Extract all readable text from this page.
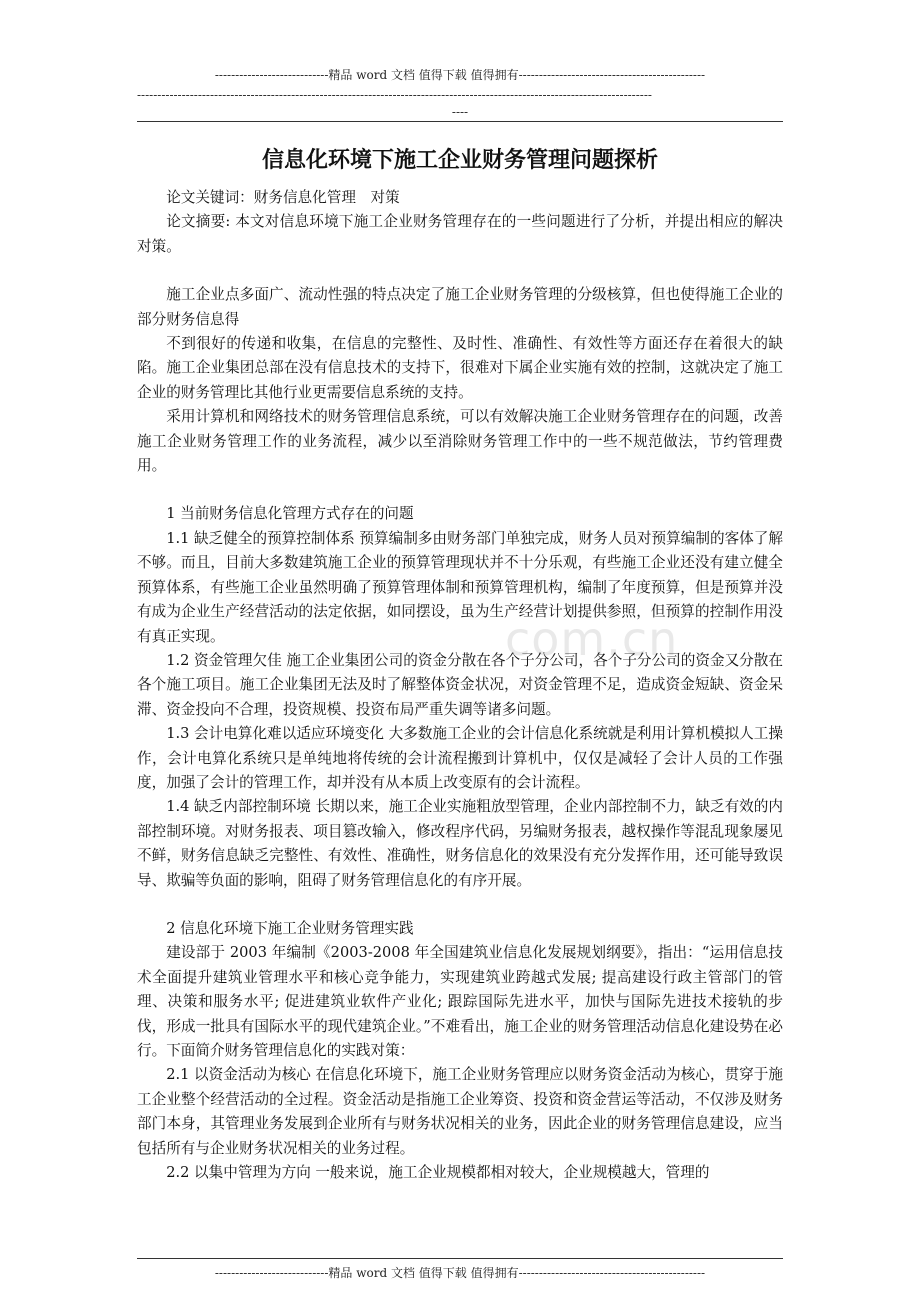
----------------------------精品 word 文档 值得下载 值得拥有----------------------------------------------
-------------------------------------------------------------------------------------------------------------------------------
----
com.cn
信息化环境下施工企业财务管理问题探析

论文关键词：财务信息化管理　对策

论文摘要: 本文对信息环境下施工企业财务管理存在的一些问题进行了分析，并提出相应的解决对策。

施工企业点多面广、流动性强的特点决定了施工企业财务管理的分级核算，但也使得施工企业的部分财务信息得

不到很好的传递和收集，在信息的完整性、及时性、准确性、有效性等方面还存在着很大的缺陷。施工企业集团总部在没有信息技术的支持下，很难对下属企业实施有效的控制，这就决定了施工企业的财务管理比其他行业更需要信息系统的支持。

采用计算机和网络技术的财务管理信息系统，可以有效解决施工企业财务管理存在的问题，改善施工企业财务管理工作的业务流程，减少以至消除财务管理工作中的一些不规范做法，节约管理费用。

1 当前财务信息化管理方式存在的问题

1.1 缺乏健全的预算控制体系 预算编制多由财务部门单独完成，财务人员对预算编制的客体了解不够。而且，目前大多数建筑施工企业的预算管理现状并不十分乐观，有些施工企业还没有建立健全预算体系，有些施工企业虽然明确了预算管理体制和预算管理机构，编制了年度预算，但是预算并没有成为企业生产经营活动的法定依据，如同摆设，虽为生产经营计划提供参照，但预算的控制作用没有真正实现。

1.2 资金管理欠佳 施工企业集团公司的资金分散在各个子分公司，各个子分公司的资金又分散在各个施工项目。施工企业集团无法及时了解整体资金状况，对资金管理不足，造成资金短缺、资金呆滞、资金投向不合理，投资规模、投资布局严重失调等诸多问题。

1.3 会计电算化难以适应环境变化 大多数施工企业的会计信息化系统就是利用计算机模拟人工操作，会计电算化系统只是单纯地将传统的会计流程搬到计算机中，仅仅是减轻了会计人员的工作强度，加强了会计的管理工作，却并没有从本质上改变原有的会计流程。

1.4 缺乏内部控制环境 长期以来，施工企业实施粗放型管理，企业内部控制不力，缺乏有效的内部控制环境。对财务报表、项目篡改输入，修改程序代码，另编财务报表，越权操作等混乱现象屡见不鲜，财务信息缺乏完整性、有效性、准确性，财务信息化的效果没有充分发挥作用，还可能导致误导、欺骗等负面的影响，阻碍了财务管理信息化的有序开展。

2 信息化环境下施工企业财务管理实践

建设部于 2003 年编制《2003-2008 年全国建筑业信息化发展规划纲要》，指出：“运用信息技术全面提升建筑业管理水平和核心竞争能力，实现建筑业跨越式发展; 提高建设行政主管部门的管理、决策和服务水平; 促进建筑业软件产业化; 跟踪国际先进水平，加快与国际先进技术接轨的步伐，形成一批具有国际水平的现代建筑企业。”不难看出，施工企业的财务管理活动信息化建设势在必行。下面简介财务管理信息化的实践对策：

2.1 以资金活动为核心 在信息化环境下，施工企业财务管理应以财务资金活动为核心，贯穿于施工企业整个经营活动的全过程。资金活动是指施工企业筹资、投资和资金营运等活动，不仅涉及财务部门本身，其管理业务发展到企业所有与财务状况相关的业务，因此企业的财务管理信息建设，应当包括所有与企业财务状况相关的业务过程。

2.2 以集中管理为方向 一般来说，施工企业规模都相对较大，企业规模越大，管理的

----------------------------精品 word 文档 值得下载 值得拥有----------------------------------------------
